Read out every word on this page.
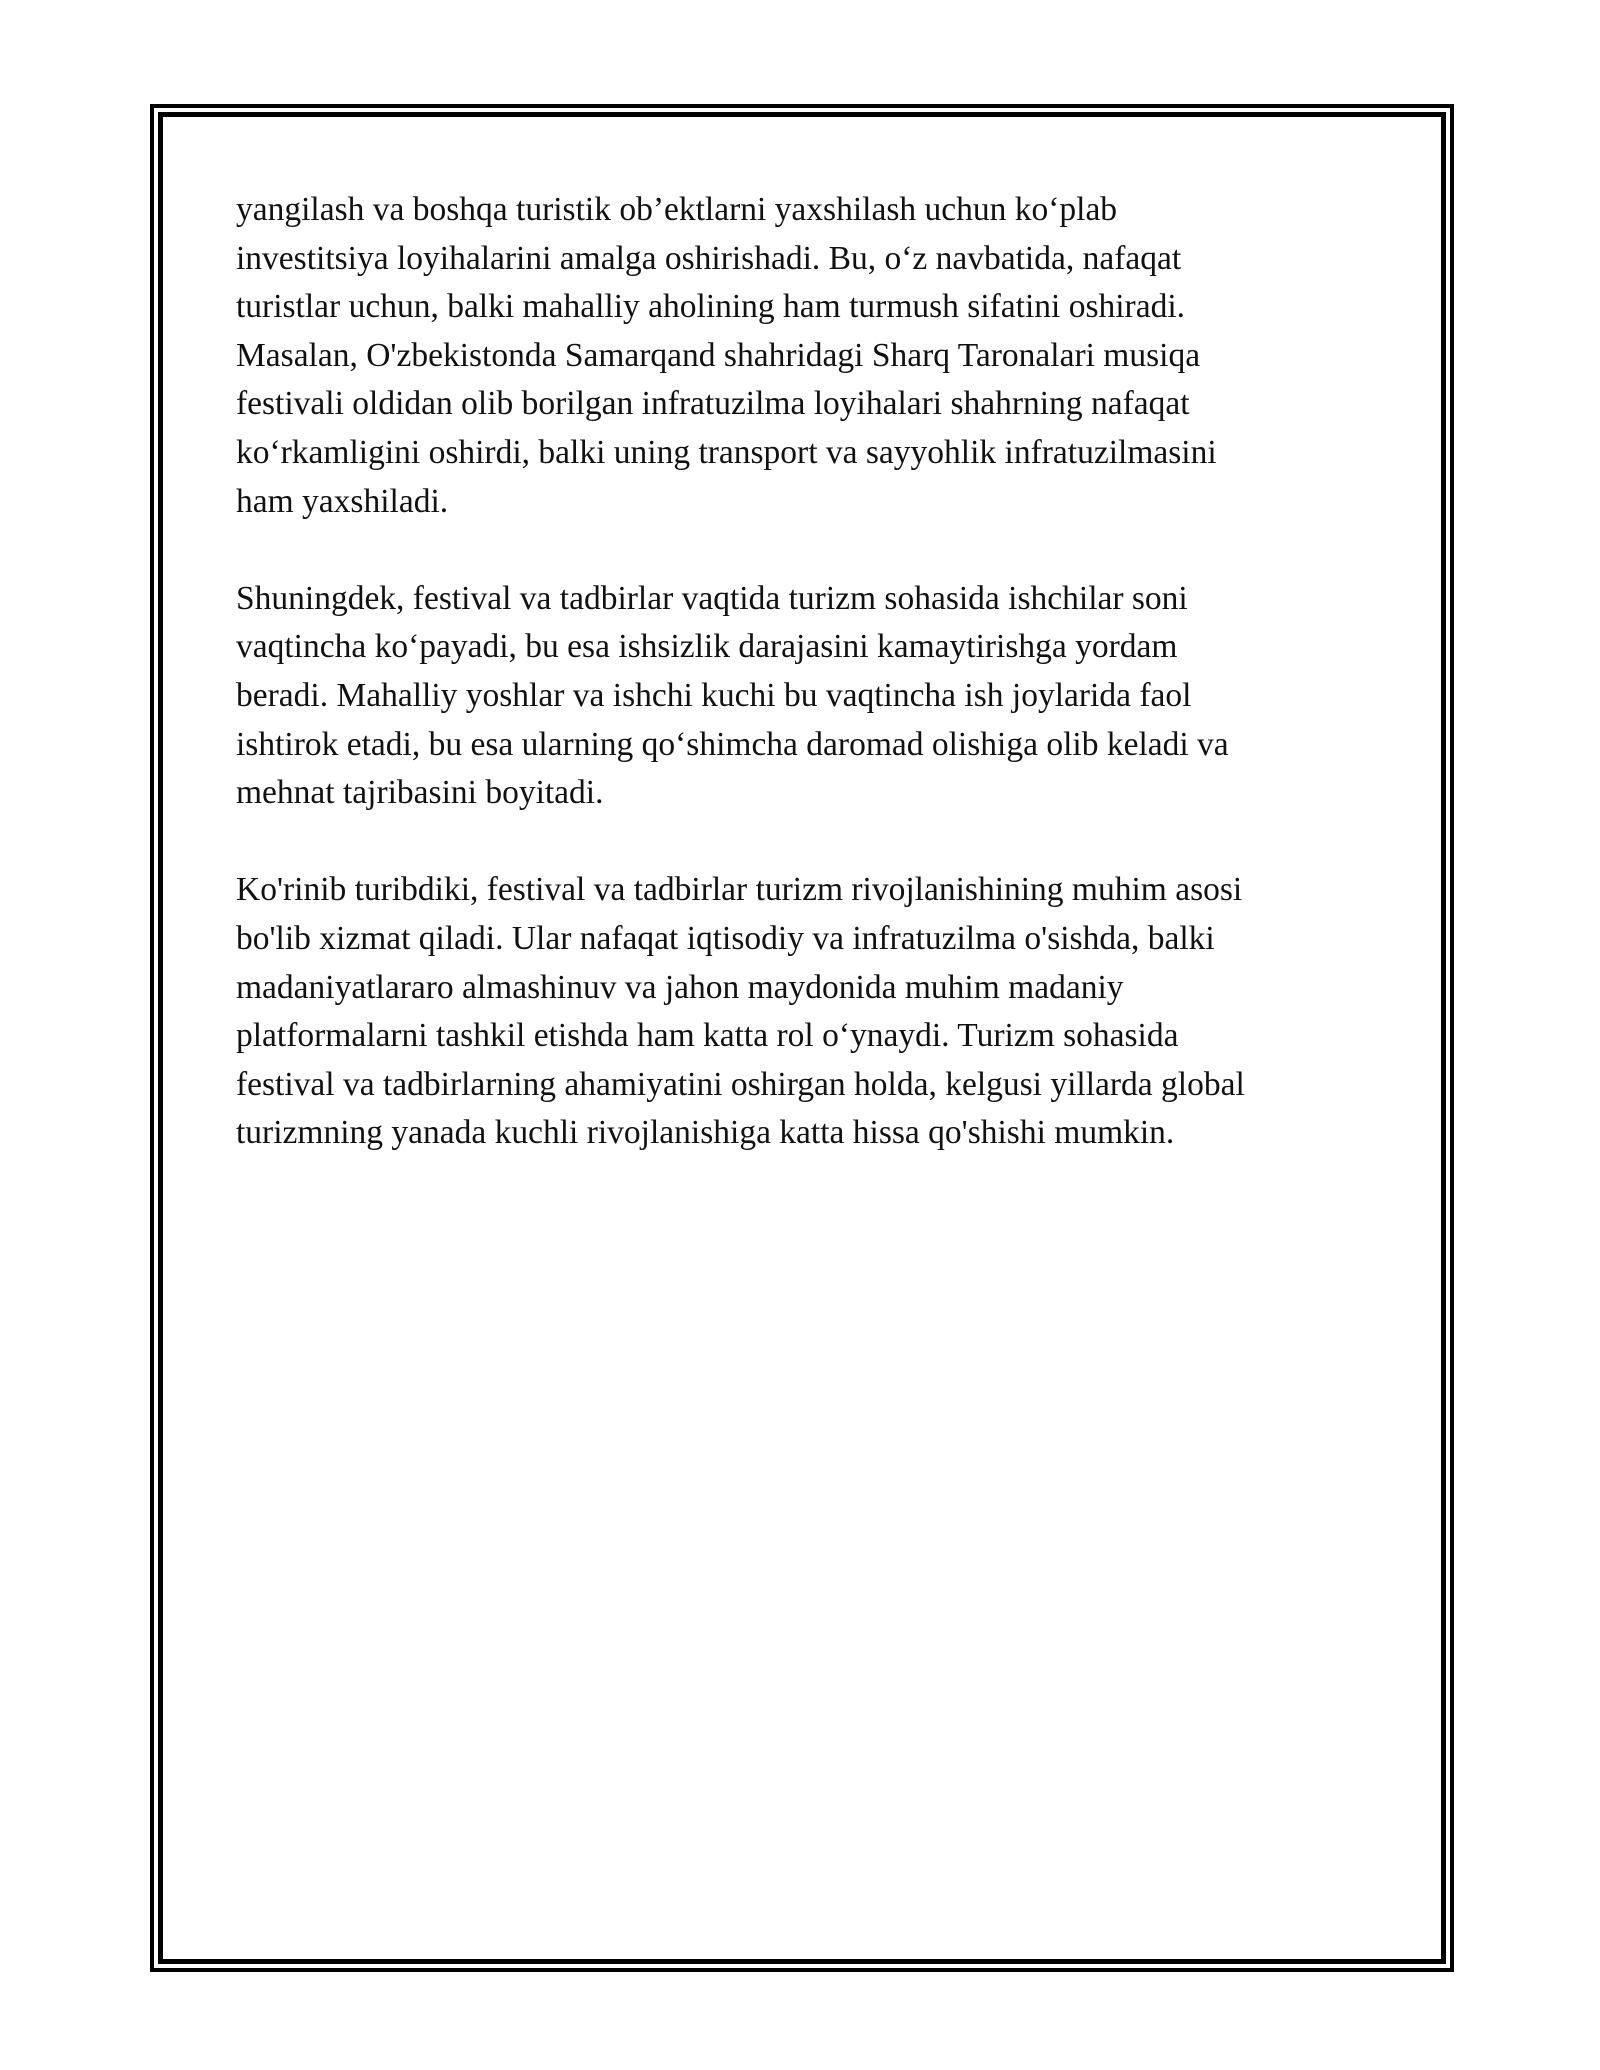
yangilash va boshqa turistik ob’ektlarni yaxshilash uchun ko‘plab
investitsiya loyihalarini amalga oshirishadi. Bu, o‘z navbatida, nafaqat
turistlar uchun, balki mahalliy aholining ham turmush sifatini oshiradi.
Masalan, O'zbekistonda Samarqand shahridagi Sharq Taronalari musiqa
festivali oldidan olib borilgan infratuzilma loyihalari shahrning nafaqat
ko‘rkamligini oshirdi, balki uning transport va sayyohlik infratuzilmasini
ham yaxshiladi.
Shuningdek, festival va tadbirlar vaqtida turizm sohasida ishchilar soni
vaqtincha ko‘payadi, bu esa ishsizlik darajasini kamaytirishga yordam
beradi. Mahalliy yoshlar va ishchi kuchi bu vaqtincha ish joylarida faol
ishtirok etadi, bu esa ularning qo‘shimcha daromad olishiga olib keladi va
mehnat tajribasini boyitadi.
Ko'rinib turibdiki, festival va tadbirlar turizm rivojlanishining muhim asosi
bo'lib xizmat qiladi. Ular nafaqat iqtisodiy va infratuzilma o'sishda, balki
madaniyatlararo almashinuv va jahon maydonida muhim madaniy
platformalarni tashkil etishda ham katta rol o‘ynaydi. Turizm sohasida
festival va tadbirlarning ahamiyatini oshirgan holda, kelgusi yillarda global
turizmning yanada kuchli rivojlanishiga katta hissa qo'shishi mumkin.
